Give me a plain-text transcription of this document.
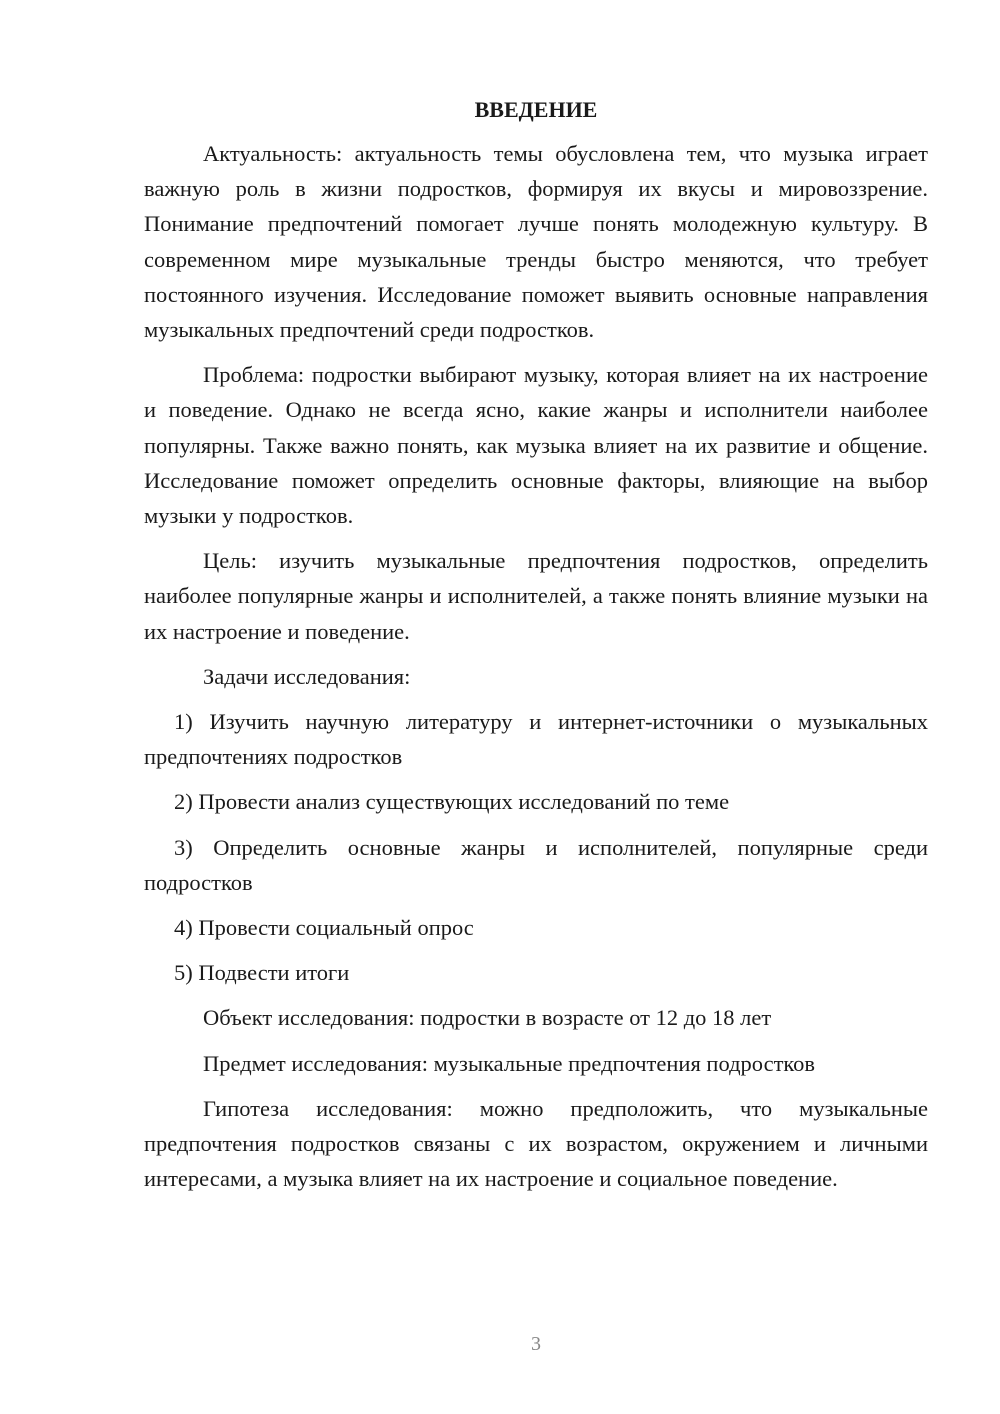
ВВЕДЕНИЕ

Актуальность: актуальность темы обусловлена тем, что музыка играет важную роль в жизни подростков, формируя их вкусы и мировоззрение. Понимание предпочтений помогает лучше понять молодежную культуру. В современном мире музыкальные тренды быстро меняются, что требует постоянного изучения. Исследование поможет выявить основные направления музыкальных предпочтений среди подростков.

Проблема: подростки выбирают музыку, которая влияет на их настроение и поведение. Однако не всегда ясно, какие жанры и исполнители наиболее популярны. Также важно понять, как музыка влияет на их развитие и общение. Исследование поможет определить основные факторы, влияющие на выбор музыки у подростков.

Цель: изучить музыкальные предпочтения подростков, определить наиболее популярные жанры и исполнителей, а также понять влияние музыки на их настроение и поведение.

Задачи исследования:

1) Изучить научную литературу и интернет-источники о музыкальных предпочтениях подростков

2) Провести анализ существующих исследований по теме

3) Определить основные жанры и исполнителей, популярные среди подростков

4) Провести социальный опрос

5) Подвести итоги

Объект исследования: подростки в возрасте от 12 до 18 лет

Предмет исследования: музыкальные предпочтения подростков

Гипотеза исследования: можно предположить, что музыкальные предпочтения подростков связаны с их возрастом, окружением и личными интересами, а музыка влияет на их настроение и социальное поведение.

3
